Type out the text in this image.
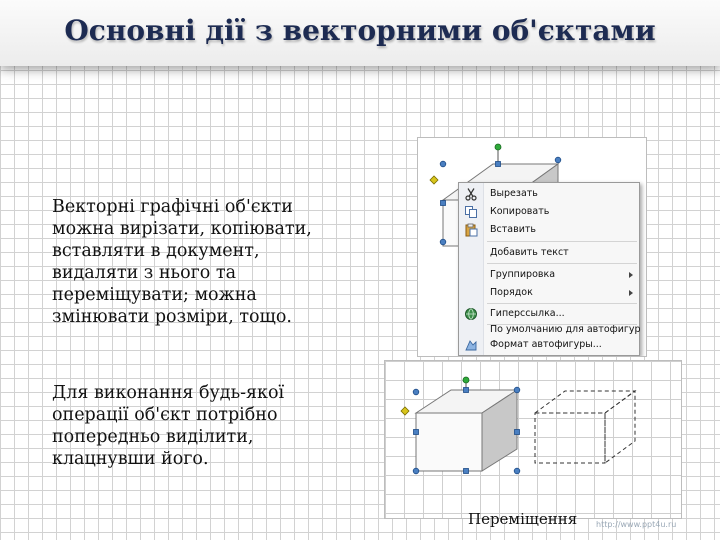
Основні дії з векторними об'єктами

Векторні графічні об'єкти можна вирізати, копіювати, вставляти в документ, видаляти з нього та переміщувати; можна змінювати розміри, тощо.

Для виконання будь-якої операції об'єкт потрібно попередньо виділити, клацнувши його.

Вырезать
Копировать
Вставить
Добавить текст
Группировка
Порядок
Гиперссылка...
По умолчанию для автофигур
Формат автофигуры...
Переміщення http://www.ppt4u.ru
